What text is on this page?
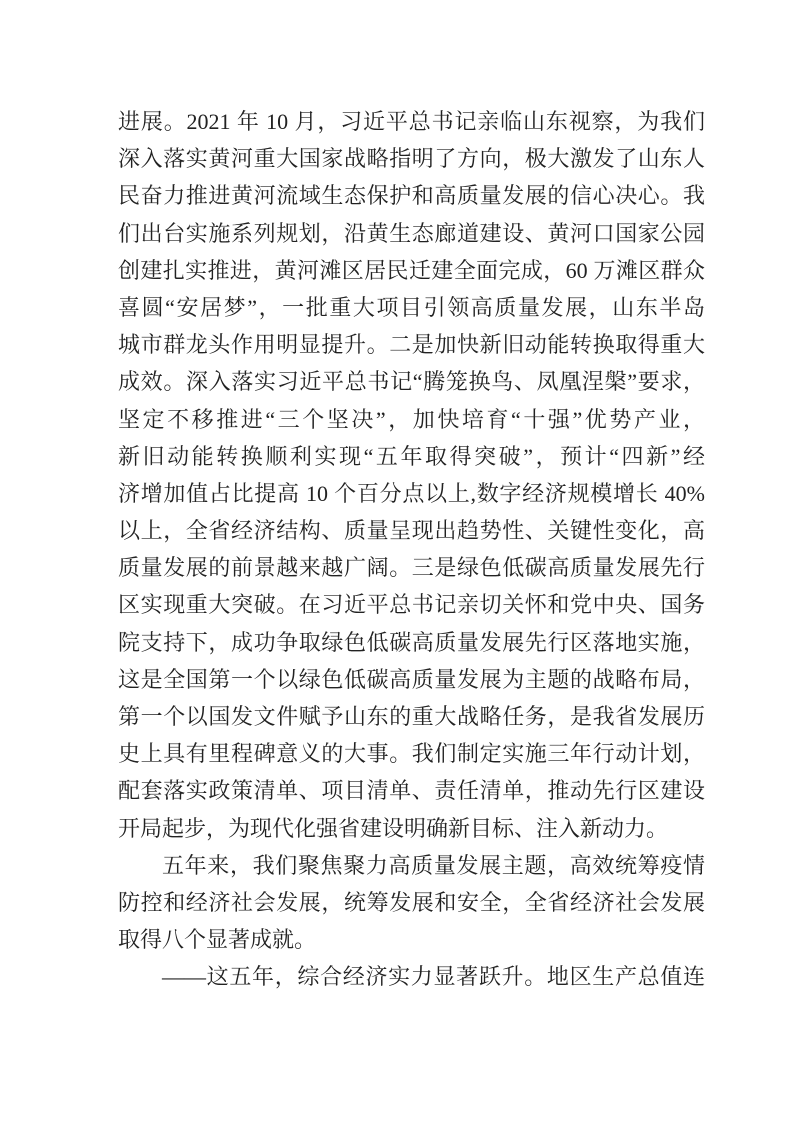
进展。2021 年 10 月，习近平总书记亲临山东视察，为我们
深入落实黄河重大国家战略指明了方向，极大激发了山东人
民奋力推进黄河流域生态保护和高质量发展的信心决心。我
们出台实施系列规划，沿黄生态廊道建设、黄河口国家公园
创建扎实推进，黄河滩区居民迁建全面完成，60 万滩区群众
喜圆“安居梦”，一批重大项目引领高质量发展，山东半岛
城市群龙头作用明显提升。二是加快新旧动能转换取得重大
成效。深入落实习近平总书记“腾笼换鸟、凤凰涅槃”要求，
坚定不移推进“三个坚决”，加快培育“十强”优势产业，
新旧动能转换顺利实现“五年取得突破”，预计“四新”经
济增加值占比提高 10 个百分点以上,数字经济规模增长 40%
以上，全省经济结构、质量呈现出趋势性、关键性变化，高
质量发展的前景越来越广阔。三是绿色低碳高质量发展先行
区实现重大突破。在习近平总书记亲切关怀和党中央、国务
院支持下，成功争取绿色低碳高质量发展先行区落地实施，
这是全国第一个以绿色低碳高质量发展为主题的战略布局，
第一个以国发文件赋予山东的重大战略任务，是我省发展历
史上具有里程碑意义的大事。我们制定实施三年行动计划，
配套落实政策清单、项目清单、责任清单，推动先行区建设
开局起步，为现代化强省建设明确新目标、注入新动力。
五年来，我们聚焦聚力高质量发展主题，高效统筹疫情
防控和经济社会发展，统筹发展和安全，全省经济社会发展
取得八个显著成就。
——这五年，综合经济实力显著跃升。地区生产总值连
